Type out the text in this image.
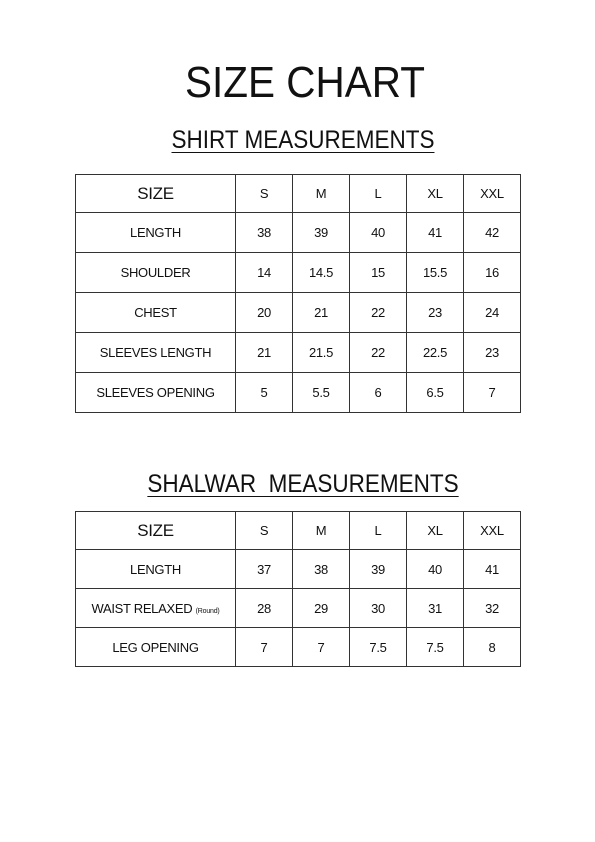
SIZE CHART
SHIRT MEASUREMENTS
SIZE	S	M	L	XL	XXL
LENGTH	38	39	40	41	42
SHOULDER	14	14.5	15	15.5	16
CHEST	20	21	22	23	24
SLEEVES LENGTH	21	21.5	22	22.5	23
SLEEVES OPENING	5	5.5	6	6.5	7
SHALWAR  MEASUREMENTS
SIZE	S	M	L	XL	XXL
LENGTH	37	38	39	40	41
WAIST RELAXED (Round)	28	29	30	31	32
LEG OPENING	7	7	7.5	7.5	8
